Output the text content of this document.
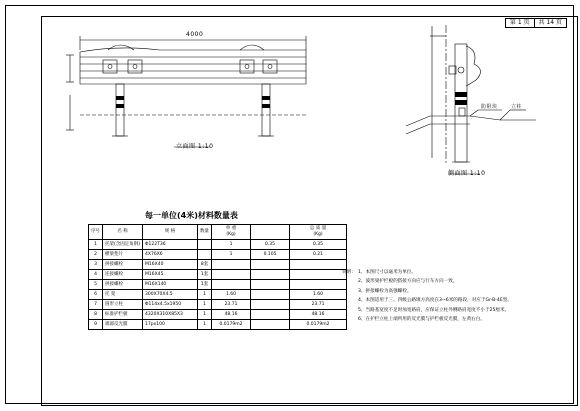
第 1 页	共 14 页
4000
立面图 1:10
侧面图 1:10
防阻块	立柱
每一单位(4米)材料数量表
序号	名 称	规 格	数量	单 重
(Kg)		总 质 量
(Kg)
1	托架(含固定角钢)	Φ122T36		1	0.35	0.35
2	横梁垫片	4X76X6		1	0.105	0.21
3	拼接螺栓	M16X40	8套			
4	连接螺栓	M16X45	1套			
5	拼接螺栓	M16X140	1套			
6	托 架	300X70X4.5	1	1.60		1.60
7	圆形立柱	Φ114x4.5x1950	1	23.71		23.71
8	标准护栏板	4320X310X85X3	1	48.16		48.16
9	端部反光膜	17px100	1	0.0179m2		0.0179m2
说明： 1、本图尺寸以毫米为单位。
2、波形梁护栏板的搭接方向应与行车方向一致。
3、拼接螺栓为高强螺栓。
4、本图适用于三、四级公路填方高度在3~6米的路段，对应于Gr-B-4E型。
5、当路基宽度不足时加宽路肩，应保证立柱外侧路肩宽度不小于25厘米。
6、在护栏立柱上端所用的反光膜与护栏板反光膜，左黄右白。
